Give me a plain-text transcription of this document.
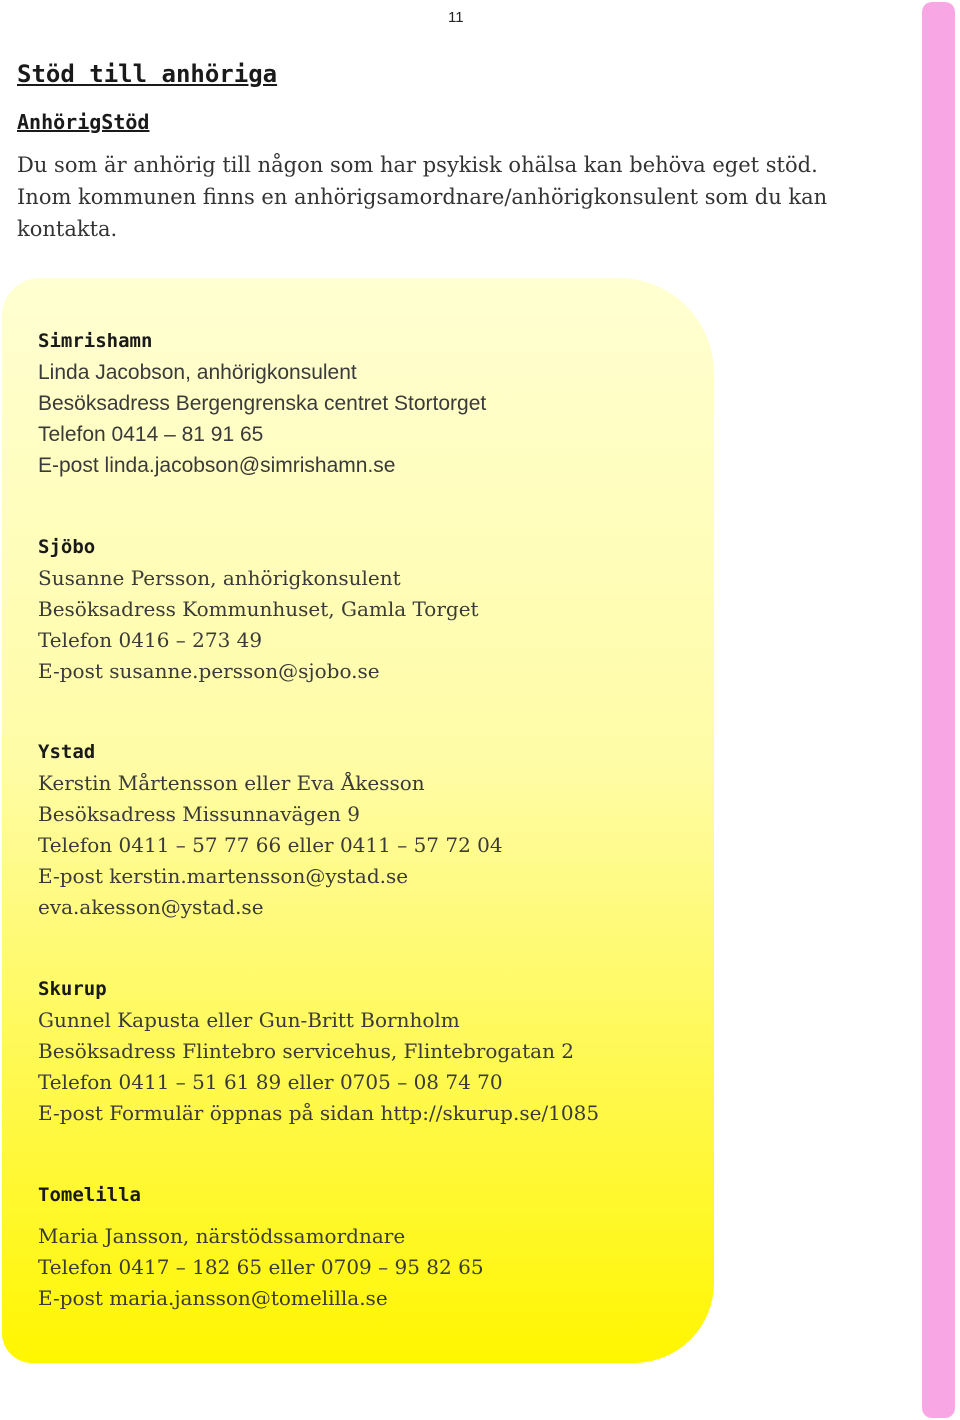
11
Stöd till anhöriga
AnhörigStöd

Du som är anhörig till någon som har psykisk ohälsa kan behöva eget stöd.

Inom kommunen finns en anhörigsamordnare/anhörigkonsulent som du kan

kontakta.

Simrishamn

Linda Jacobson, anhörigkonsulent

Besöksadress Bergengrenska centret Stortorget

Telefon 0414 – 81 91 65

E-post linda.jacobson@simrishamn.se

Sjöbo

Susanne Persson, anhörigkonsulent

Besöksadress Kommunhuset, Gamla Torget

Telefon 0416 – 273 49

E-post susanne.persson@sjobo.se

Ystad

Kerstin Mårtensson eller Eva Åkesson

Besöksadress Missunnavägen 9

Telefon 0411 – 57 77 66 eller 0411 – 57 72 04

E-post kerstin.martensson@ystad.se

eva.akesson@ystad.se

Skurup

Gunnel Kapusta eller Gun-Britt Bornholm

Besöksadress Flintebro servicehus, Flintebrogatan 2

Telefon 0411 – 51 61 89 eller 0705 – 08 74 70

E-post Formulär öppnas på sidan http://skurup.se/1085

Tomelilla

Maria Jansson, närstödssamordnare

Telefon 0417 – 182 65 eller 0709 – 95 82 65

E-post maria.jansson@tomelilla.se
